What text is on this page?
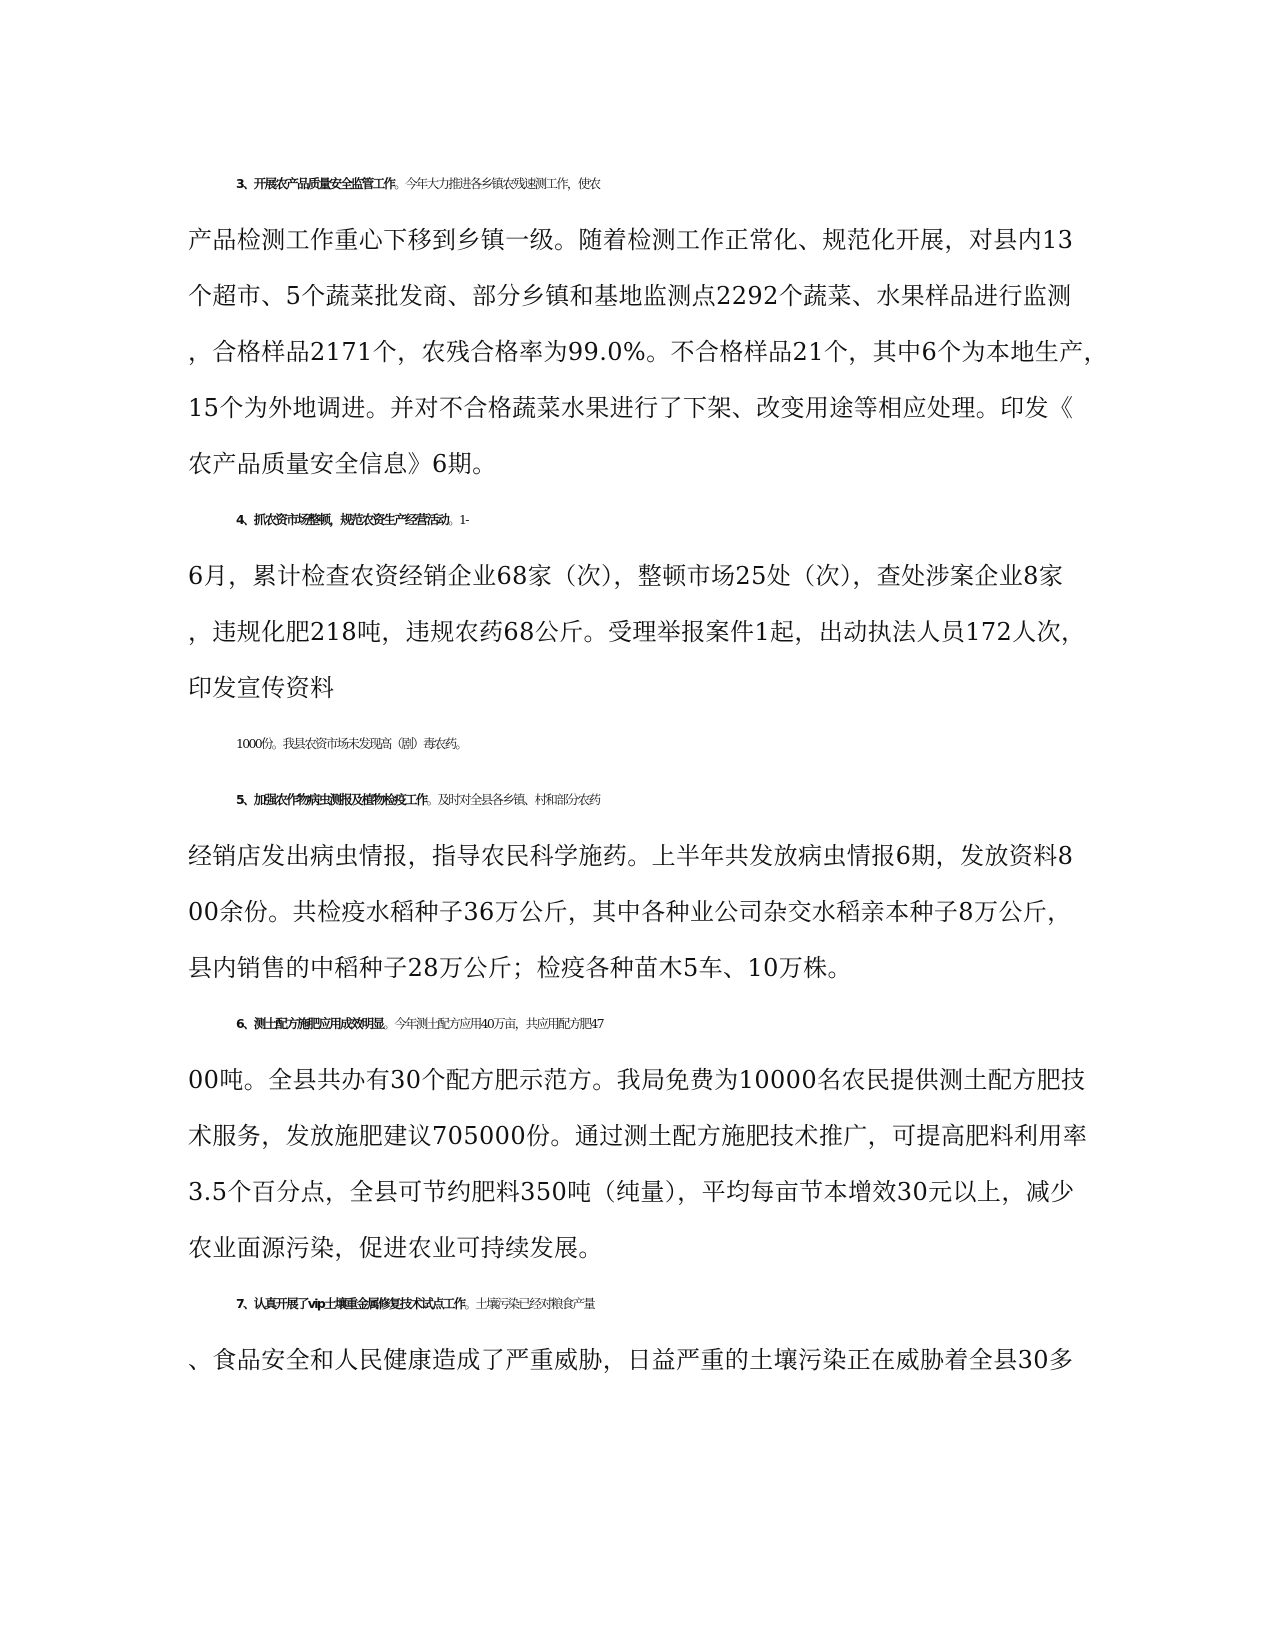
3、开展农产品质量安全监管工作。今年大力推进各乡镇农残速测工作，使农
产品检测工作重心下移到乡镇一级。随着检测工作正常化、规范化开展，对县内13
个超市、5个蔬菜批发商、部分乡镇和基地监测点2292个蔬菜、水果样品进行监测
，合格样品2171个，农残合格率为99.0%。不合格样品21个，其中6个为本地生产，
15个为外地调进。并对不合格蔬菜水果进行了下架、改变用途等相应处理。印发《
农产品质量安全信息》6期。
4、抓农资市场整顿，规范农资生产经营活动。1-
6月，累计检查农资经销企业68家（次），整顿市场25处（次），查处涉案企业8家
，违规化肥218吨，违规农药68公斤。受理举报案件1起，出动执法人员172人次，
印发宣传资料
1000份。我县农资市场未发现高（剧）毒农药。
5、加强农作物病虫测报及植物检疫工作。及时对全县各乡镇、村和部分农药
经销店发出病虫情报，指导农民科学施药。上半年共发放病虫情报6期，发放资料8
00余份。共检疫水稻种子36万公斤，其中各种业公司杂交水稻亲本种子8万公斤，
县内销售的中稻种子28万公斤；检疫各种苗木5车、10万株。
6、测土配方施肥应用成效明显。今年测土配方应用40万亩，共应用配方肥47
00吨。全县共办有30个配方肥示范方。我局免费为10000名农民提供测土配方肥技
术服务，发放施肥建议705000份。通过测土配方施肥技术推广，可提高肥料利用率
3.5个百分点，全县可节约肥料350吨（纯量），平均每亩节本增效30元以上，减少
农业面源污染，促进农业可持续发展。
7、认真开展了vip土壤重金属修复技术试点工作。土壤污染已经对粮食产量
、食品安全和人民健康造成了严重威胁，日益严重的土壤污染正在威胁着全县30多
